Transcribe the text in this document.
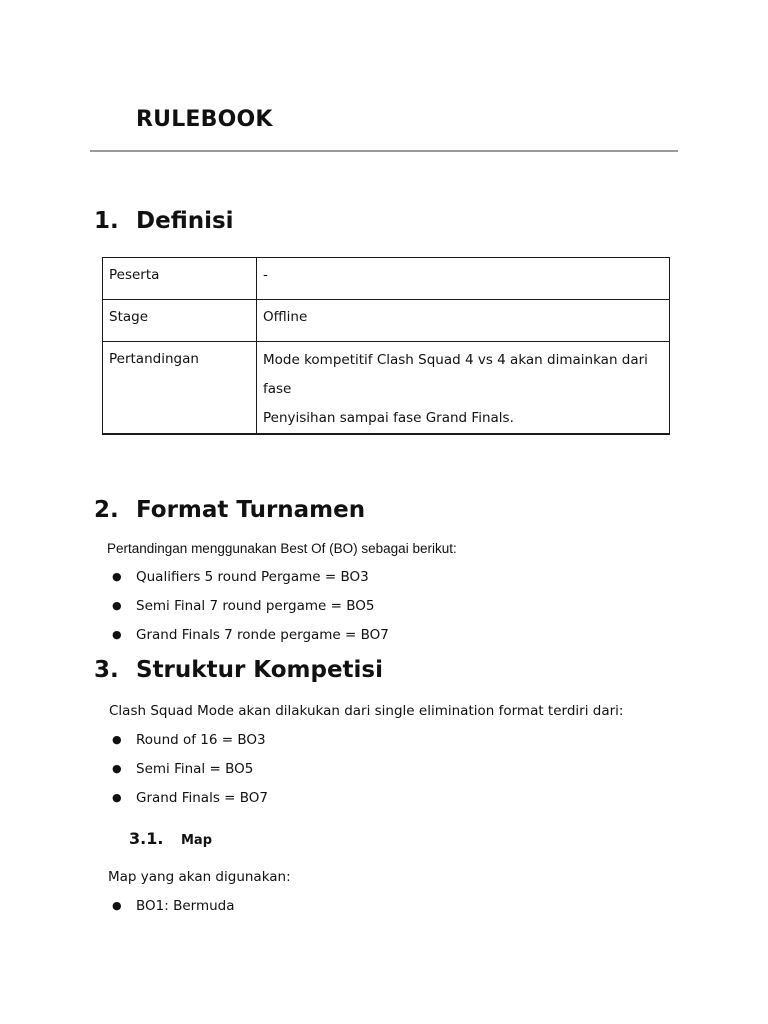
RULEBOOK
1. Definisi
Peserta	-
Stage	Offline
Pertandingan	Mode kompetitif Clash Squad 4 vs 4 akan dimainkan dari fase
Penyisihan sampai fase Grand Finals.
2. Format Turnamen

Pertandingan menggunakan Best Of (BO) sebagai berikut:

●	Qualifiers 5 round Pergame = BO3
●	Semi Final 7 round pergame = BO5
●	Grand Finals 7 ronde pergame = BO7
3. Struktur Kompetisi

Clash Squad Mode akan dilakukan dari single elimination format terdiri dari:

●	Round of 16 = BO3
●	Semi Final = BO5
●	Grand Finals = BO7
3.1. Map

Map yang akan digunakan:

●	BO1: Bermuda
